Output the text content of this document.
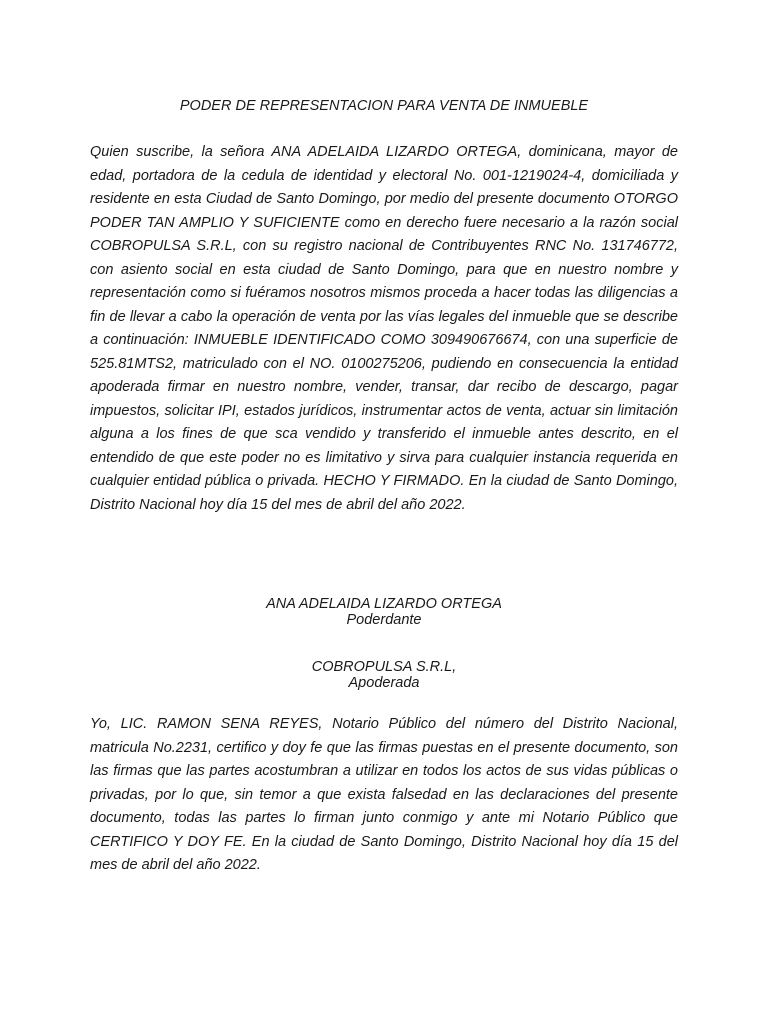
PODER DE REPRESENTACION PARA VENTA DE INMUEBLE

Quien suscribe, la señora ANA ADELAIDA LIZARDO ORTEGA, dominicana, mayor de edad, portadora de la cedula de identidad y electoral No. 001-1219024-4, domiciliada y residente en esta Ciudad de Santo Domingo, por medio del presente documento OTORGO PODER TAN AMPLIO Y SUFICIENTE como en derecho fuere necesario a la razón social COBROPULSA S.R.L, con su registro nacional de Contribuyentes RNC No. 131746772, con asiento social en esta ciudad de Santo Domingo, para que en nuestro nombre y representación como si fuéramos nosotros mismos proceda a hacer todas las diligencias a fin de llevar a cabo la operación de venta por las vías legales del inmueble que se describe a continuación: INMUEBLE IDENTIFICADO COMO 309490676674, con una superficie de 525.81MTS2, matriculado con el NO. 0100275206, pudiendo en consecuencia la entidad apoderada firmar en nuestro nombre, vender, transar, dar recibo de descargo, pagar impuestos, solicitar IPI, estados jurídicos, instrumentar actos de venta, actuar sin limitación alguna a los fines de que sca vendido y transferido el inmueble antes descrito, en el entendido de que este poder no es limitativo y sirva para cualquier instancia requerida en cualquier entidad pública o privada. HECHO Y FIRMADO. En la ciudad de Santo Domingo, Distrito Nacional hoy día 15 del mes de abril del año 2022.

ANA ADELAIDA LIZARDO ORTEGA
Poderdante
COBROPULSA S.R.L,
Apoderada

Yo, LIC. RAMON SENA REYES, Notario Público del número del Distrito Nacional, matricula No.2231, certifico y doy fe que las firmas puestas en el presente documento, son las firmas que las partes acostumbran a utilizar en todos los actos de sus vidas públicas o privadas, por lo que, sin temor a que exista falsedad en las declaraciones del presente documento, todas las partes lo firman junto conmigo y ante mi Notario Público que CERTIFICO Y DOY FE. En la ciudad de Santo Domingo, Distrito Nacional hoy día 15 del mes de abril del año 2022.
